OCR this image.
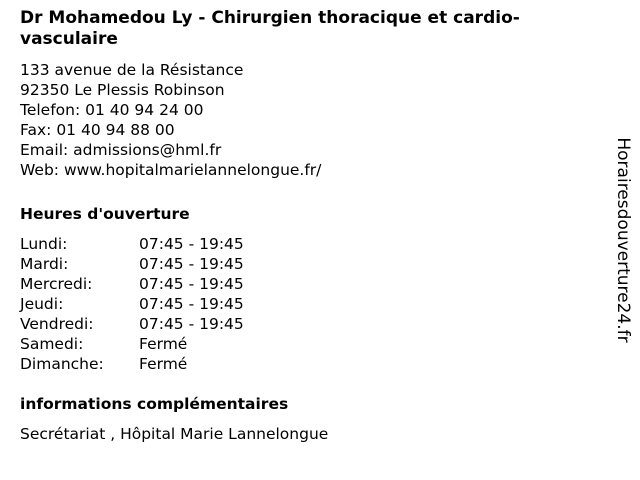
Dr Mohamedou Ly - Chirurgien thoracique et cardio-vasculaire
133 avenue de la Résistance
92350 Le Plessis Robinson
Telefon: 01 40 94 24 00
Fax: 01 40 94 88 00
Email: admissions@hml.fr
Web: www.hopitalmarielannelongue.fr/
Heures d'ouverture
Lundi:	07:45 - 19:45
Mardi:	07:45 - 19:45
Mercredi:	07:45 - 19:45
Jeudi:	07:45 - 19:45
Vendredi:	07:45 - 19:45
Samedi:	Fermé
Dimanche:	Fermé
informations complémentaires
Secrétariat , Hôpital Marie Lannelongue
Horairesdouverture24.fr
